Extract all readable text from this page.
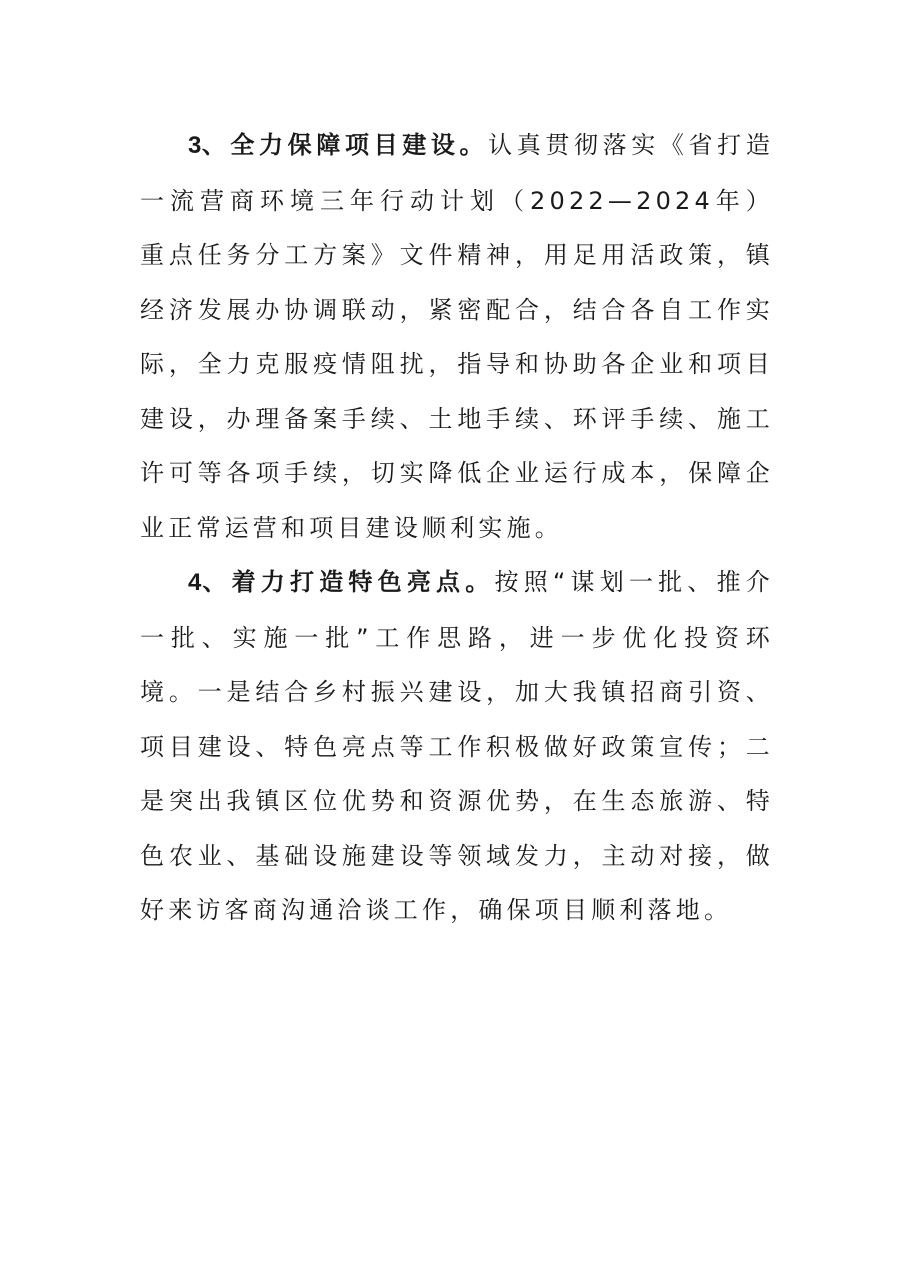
3、全力保障项目建设。认真贯彻落实《省打造一流营商环境三年行动计划（2022—2024年）重点任务分工方案》文件精神，用足用活政策，镇经济发展办协调联动，紧密配合，结合各自工作实际，全力克服疫情阻扰，指导和协助各企业和项目建设，办理备案手续、土地手续、环评手续、施工许可等各项手续，切实降低企业运行成本，保障企业正常运营和项目建设顺利实施。

4、着力打造特色亮点。按照“谋划一批、推介一批、实施一批”工作思路，进一步优化投资环境。一是结合乡村振兴建设，加大我镇招商引资、项目建设、特色亮点等工作积极做好政策宣传；二是突出我镇区位优势和资源优势，在生态旅游、特色农业、基础设施建设等领域发力，主动对接，做好来访客商沟通洽谈工作，确保项目顺利落地。
